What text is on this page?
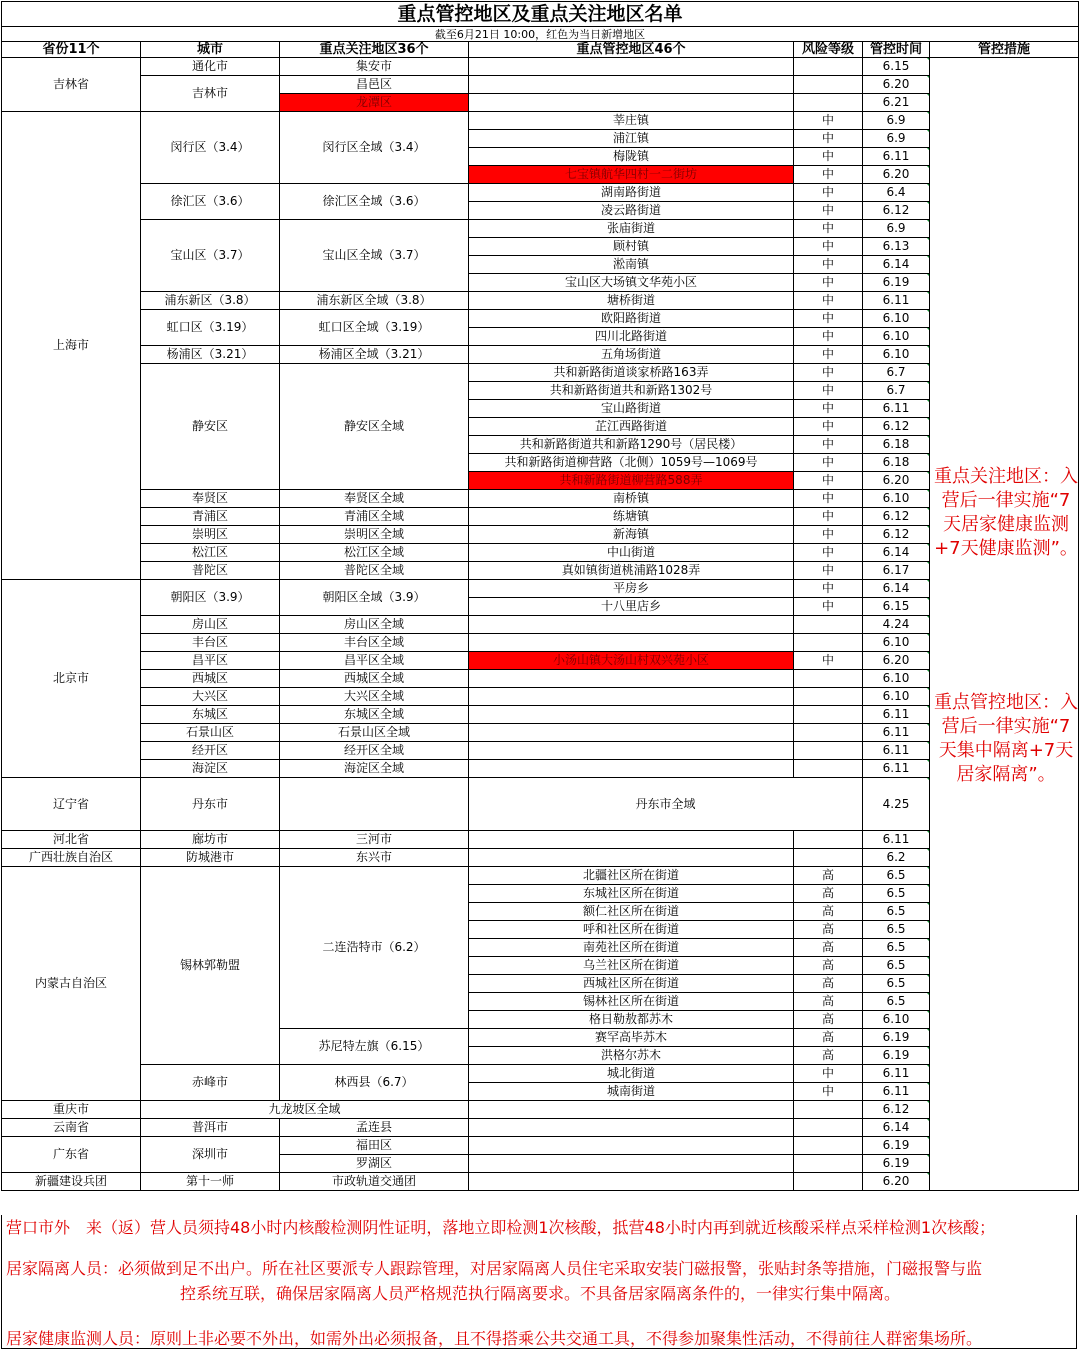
重点管控地区及重点关注地区名单							
截至6月21日 10:00，红色为当日新增地区							
省份11个	城市	重点关注地区36个	重点管控地区46个	风险等级	管控时间	管控措施	
吉林省	通化市	集安市			6.15		
	吉林市	昌邑区			6.20		
		龙潭区			6.21		
上海市	闵行区（3.4）	闵行区全域（3.4）	莘庄镇	中	6.9		
			浦江镇	中	6.9		
			梅陇镇	中	6.11		
			七宝镇航华四村一二街坊	中	6.20		
	徐汇区（3.6）	徐汇区全域（3.6）	湖南路街道	中	6.4		
			凌云路街道	中	6.12		
	宝山区（3.7）	宝山区全域（3.7）	张庙街道	中	6.9		
			顾村镇	中	6.13		
			淞南镇	中	6.14		
			宝山区大场镇文华苑小区	中	6.19		
	浦东新区（3.8）	浦东新区全域（3.8）	塘桥街道	中	6.11		
	虹口区（3.19）	虹口区全域（3.19）	欧阳路街道	中	6.10		
			四川北路街道	中	6.10		
	杨浦区（3.21）	杨浦区全域（3.21）	五角场街道	中	6.10		
	静安区	静安区全域	共和新路街道谈家桥路163弄	中	6.7		
			共和新路街道共和新路1302号	中	6.7		
			宝山路街道	中	6.11		
			芷江西路街道	中	6.12		
			共和新路街道共和新路1290号（居民楼）	中	6.18		
			共和新路街道柳营路（北侧）1059号—1069号	中	6.18		
			共和新路街道柳营路588弄	中	6.20		
	奉贤区	奉贤区全域	南桥镇	中	6.10		
	青浦区	青浦区全域	练塘镇	中	6.12		
	崇明区	崇明区全域	新海镇	中	6.12		
	松江区	松江区全域	中山街道	中	6.14		
	普陀区	普陀区全域	真如镇街道桃浦路1028弄	中	6.17		
北京市	朝阳区（3.9）	朝阳区全域（3.9）	平房乡	中	6.14		
			十八里店乡	中	6.15		
	房山区	房山区全域			4.24		
	丰台区	丰台区全域			6.10		
	昌平区	昌平区全域	小汤山镇大汤山村双兴苑小区	中	6.20		
	西城区	西城区全域			6.10		
	大兴区	大兴区全域			6.10		
	东城区	东城区全域			6.11		
	石景山区	石景山区全域			6.11		
	经开区	经开区全域			6.11		
	海淀区	海淀区全域			6.11		
辽宁省	丹东市		丹东市全域		4.25		
河北省	廊坊市	三河市			6.11		
广西壮族自治区	防城港市	东兴市			6.2		
内蒙古自治区	锡林郭勒盟	二连浩特市（6.2）	北疆社区所在街道	高	6.5		
			东城社区所在街道	高	6.5		
			额仁社区所在街道	高	6.5		
			呼和社区所在街道	高	6.5		
			南苑社区所在街道	高	6.5		
			乌兰社区所在街道	高	6.5		
			西城社区所在街道	高	6.5		
			锡林社区所在街道	高	6.5		
			格日勒敖都苏木	高	6.10		
		苏尼特左旗（6.15）	赛罕高毕苏木	高	6.19		
			洪格尔苏木	高	6.19		
	赤峰市	林西县（6.7）	城北街道	中	6.11		
			城南街道	中	6.11		
重庆市	九龙坡区全域				6.12		
云南省	普洱市	孟连县			6.14		
广东省	深圳市	福田区			6.19		
		罗湖区			6.19		
新疆建设兵团	第十一师	市政轨道交通团			6.20		
重点关注地区：入营后一律实施“7天居家健康监测+7天健康监测”。
重点管控地区：入营后一律实施“7天集中隔离+7天居家隔离”。

营口市外　来（返）营人员须持48小时内核酸检测阴性证明，落地立即检测1次核酸，抵营48小时内再到就近核酸采样点采样检测1次核酸；

居家隔离人员：必须做到足不出户。所在社区要派专人跟踪管理，对居家隔离人员住宅采取安装门磁报警，张贴封条等措施，门磁报警与监
控系统互联，确保居家隔离人员严格规范执行隔离要求。不具备居家隔离条件的，一律实行集中隔离。

居家健康监测人员：原则上非必要不外出，如需外出必须报备，且不得搭乘公共交通工具，不得参加聚集性活动，不得前往人群密集场所。
